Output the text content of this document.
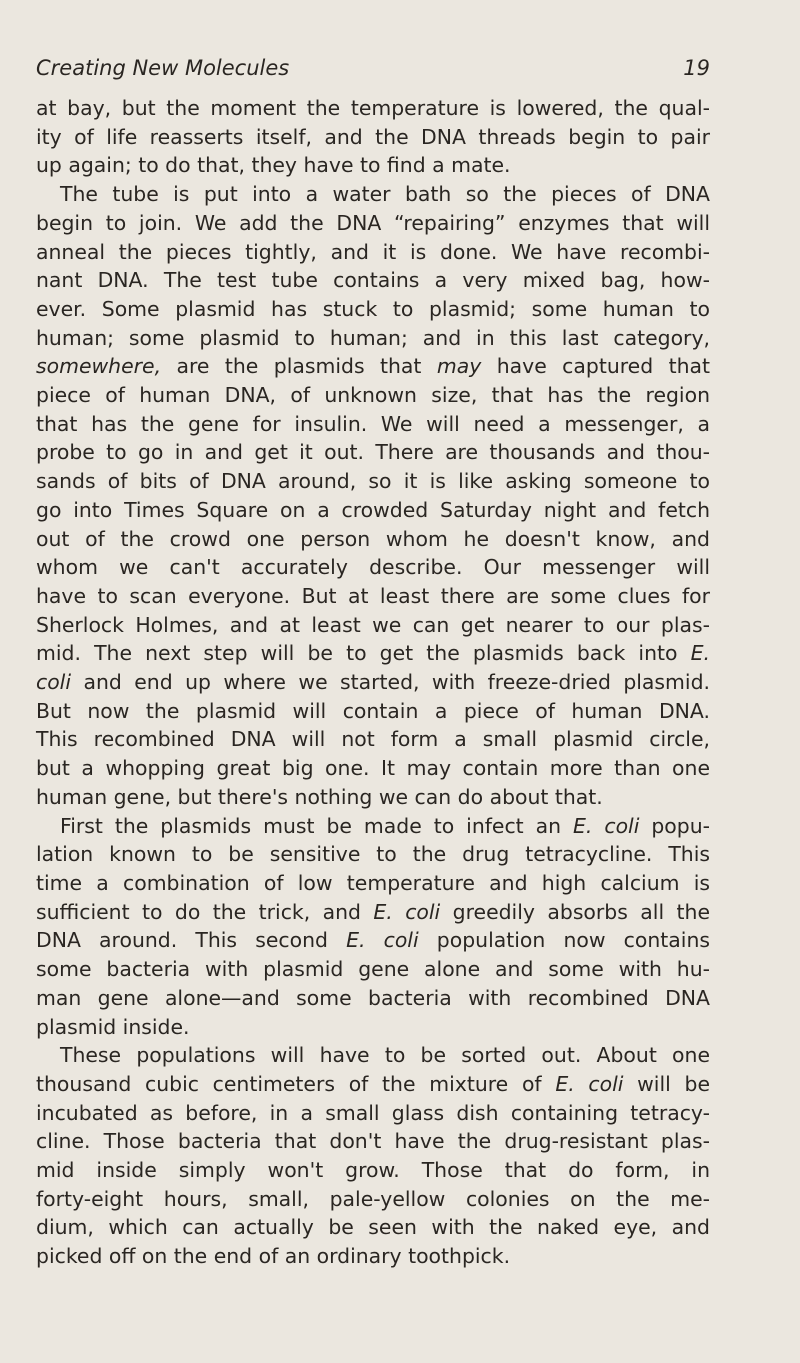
Creating New Molecules	19
at bay, but the moment the temperature is lowered, the qual-
ity of life reasserts itself, and the DNA threads begin to pair
up again; to do that, they have to find a mate.
The tube is put into a water bath so the pieces of DNA
begin to join. We add the DNA “repairing” enzymes that will
anneal the pieces tightly, and it is done. We have recombi-
nant DNA. The test tube contains a very mixed bag, how-
ever. Some plasmid has stuck to plasmid; some human to
human; some plasmid to human; and in this last category,
somewhere, are the plasmids that may have captured that
piece of human DNA, of unknown size, that has the region
that has the gene for insulin. We will need a messenger, a
probe to go in and get it out. There are thousands and thou-
sands of bits of DNA around, so it is like asking someone to
go into Times Square on a crowded Saturday night and fetch
out of the crowd one person whom he doesn't know, and
whom we can't accurately describe. Our messenger will
have to scan everyone. But at least there are some clues for
Sherlock Holmes, and at least we can get nearer to our plas-
mid. The next step will be to get the plasmids back into E.
coli and end up where we started, with freeze-dried plasmid.
But now the plasmid will contain a piece of human DNA.
This recombined DNA will not form a small plasmid circle,
but a whopping great big one. It may contain more than one
human gene, but there's nothing we can do about that.
First the plasmids must be made to infect an E. coli popu-
lation known to be sensitive to the drug tetracycline. This
time a combination of low temperature and high calcium is
sufficient to do the trick, and E. coli greedily absorbs all the
DNA around. This second E. coli population now contains
some bacteria with plasmid gene alone and some with hu-
man gene alone—and some bacteria with recombined DNA
plasmid inside.
These populations will have to be sorted out. About one
thousand cubic centimeters of the mixture of E. coli will be
incubated as before, in a small glass dish containing tetracy-
cline. Those bacteria that don't have the drug-resistant plas-
mid inside simply won't grow. Those that do form, in
forty-eight hours, small, pale-yellow colonies on the me-
dium, which can actually be seen with the naked eye, and
picked off on the end of an ordinary toothpick.
